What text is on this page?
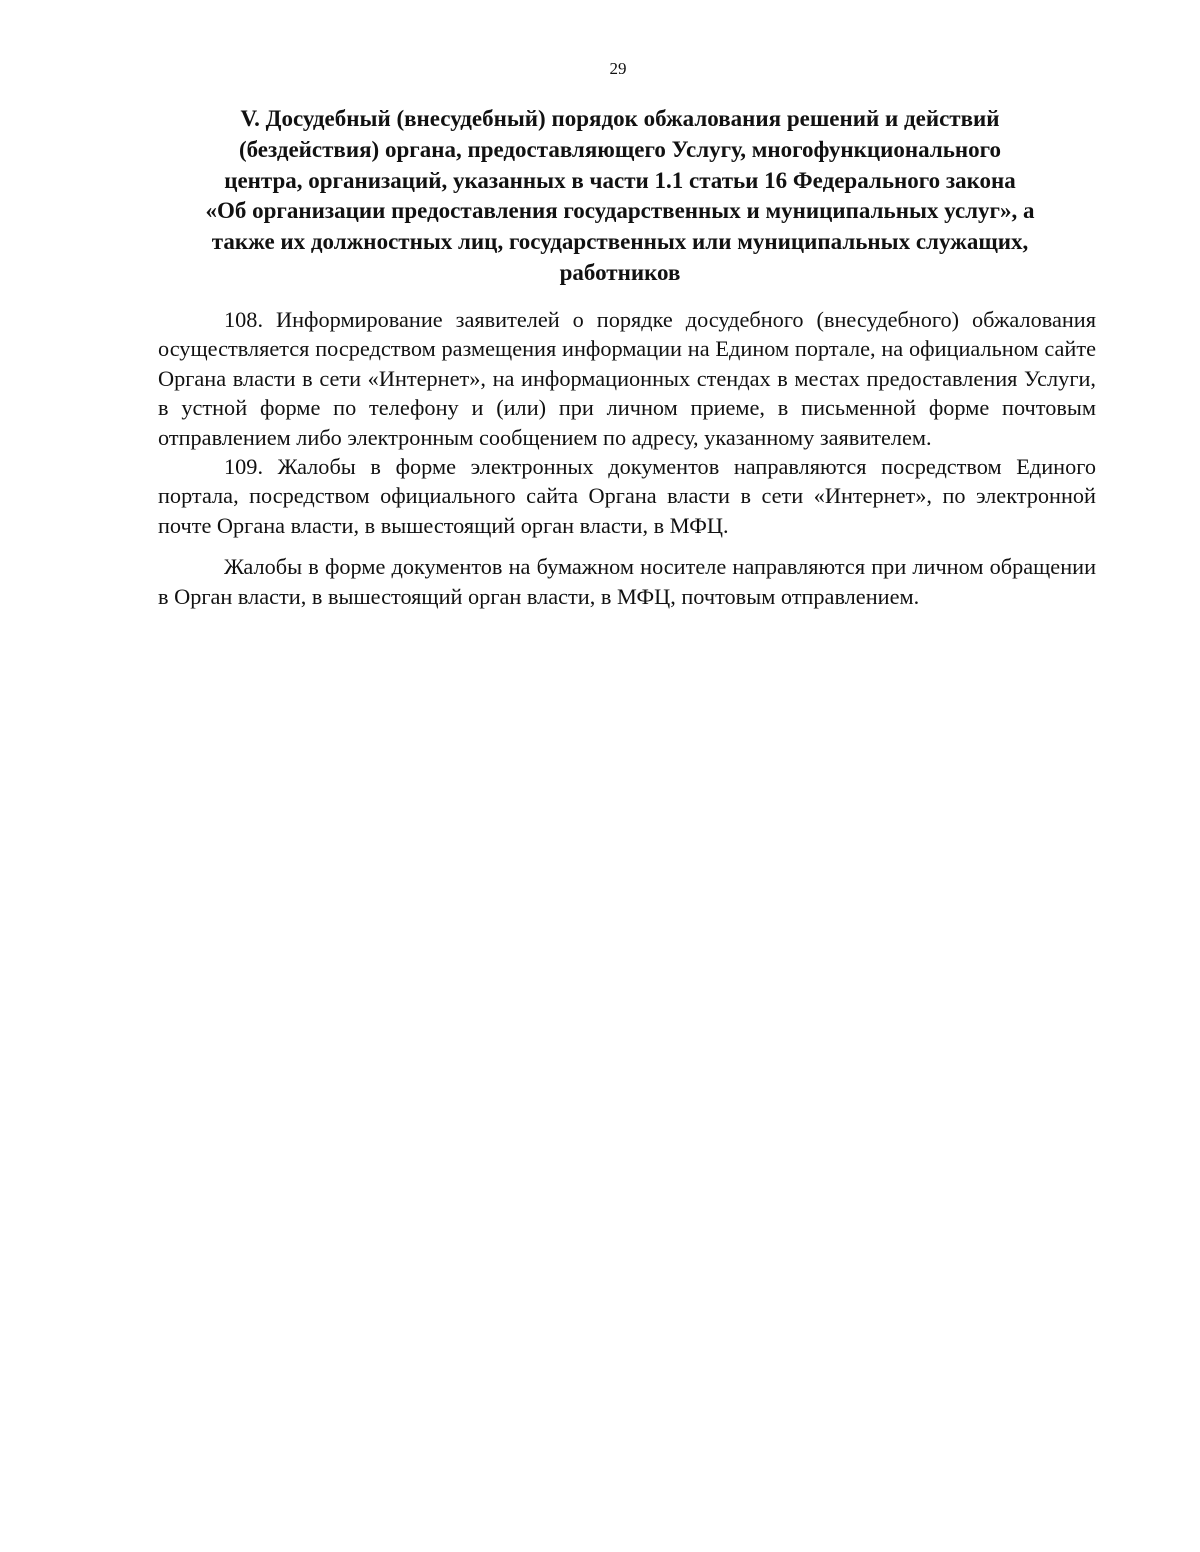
29
V. Досудебный (внесудебный) порядок обжалования решений и действий
(бездействия) органа, предоставляющего Услугу, многофункционального
центра, организаций, указанных в части 1.1 статьи 16 Федерального закона
«Об организации предоставления государственных и муниципальных услуг», а
также их должностных лиц, государственных или муниципальных служащих,
работников

108. Информирование заявителей о порядке досудебного (внесудебного) обжалования осуществляется посредством размещения информации на Едином портале, на официальном сайте Органа власти в сети «Интернет», на информационных стендах в местах предоставления Услуги, в устной форме по телефону и (или) при личном приеме, в письменной форме почтовым отправлением либо электронным сообщением по адресу, указанному заявителем.

109. Жалобы в форме электронных документов направляются посредством Единого портала, посредством официального сайта Органа власти в сети «Интернет», по электронной почте Органа власти, в вышестоящий орган власти, в МФЦ.

Жалобы в форме документов на бумажном носителе направляются при личном обращении в Орган власти, в вышестоящий орган власти, в МФЦ, почтовым отправлением.
